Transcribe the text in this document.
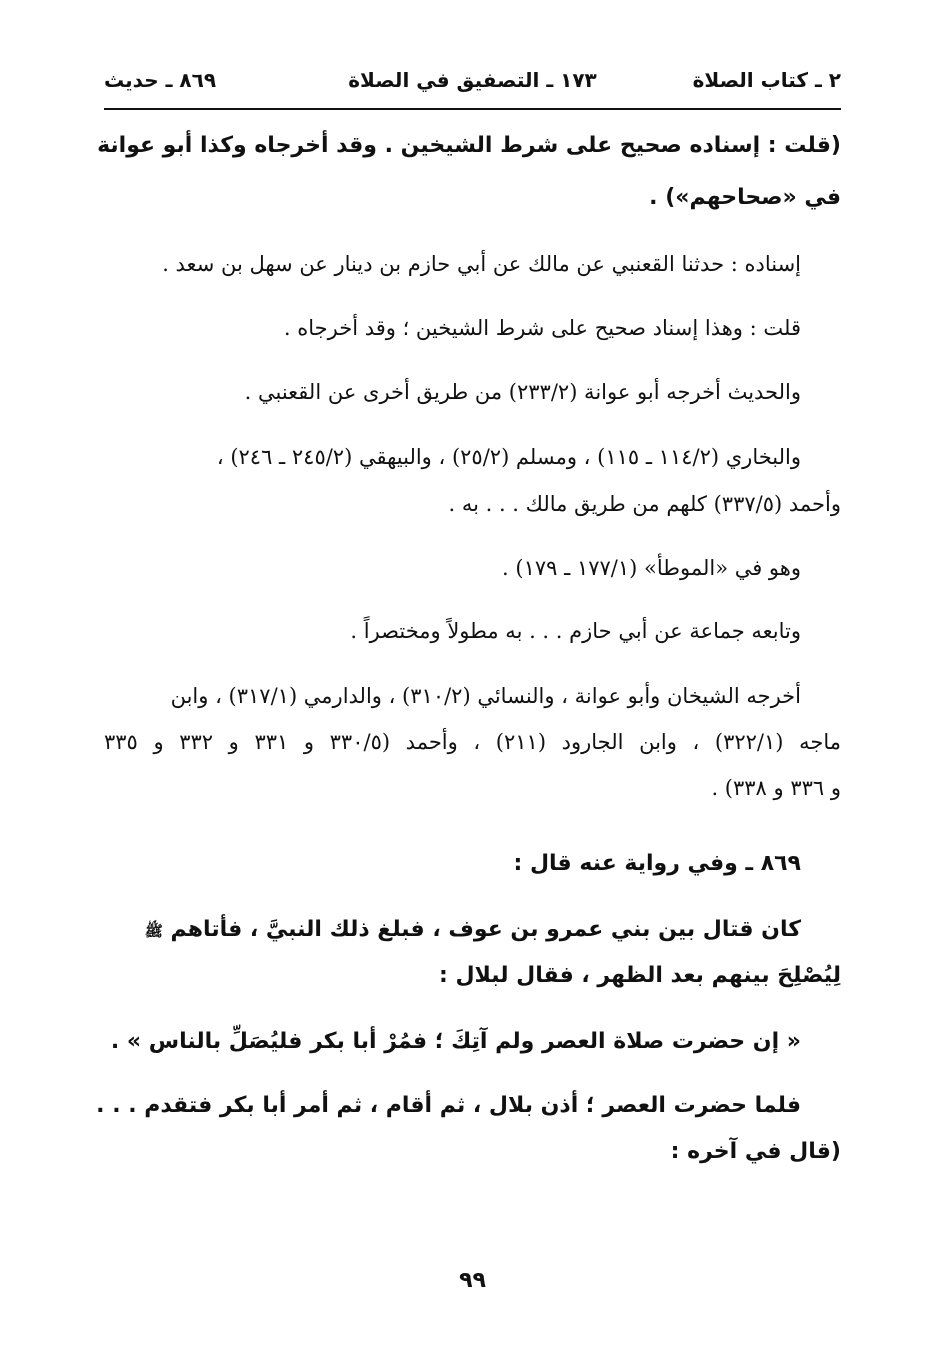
٢ ـ كتاب الصلاة
١٧٣ ـ التصفيق في الصلاة
٨٦٩ ـ حديث
(قلت : إسناده صحيح على شرط الشيخين . وقد أخرجاه وكذا أبو عوانة
في «صحاحهم») .
إسناده : حدثنا القعنبي عن مالك عن أبي حازم بن دينار عن سهل بن سعد .
قلت : وهذا إسناد صحيح على شرط الشيخين ؛ وقد أخرجاه .
والحديث أخرجه أبو عوانة (٢٣٣/٢) من طريق أخرى عن القعنبي .
والبخاري (١١٤/٢ ـ ١١٥) ، ومسلم (٢٥/٢) ، والبيهقي (٢٤٥/٢ ـ ٢٤٦) ،
وأحمد (٣٣٧/٥) كلهم من طريق مالك . . . به .
وهو في «الموطأ» (١٧٧/١ ـ ١٧٩) .
وتابعه جماعة عن أبي حازم . . . به مطولاً ومختصراً .
أخرجه الشيخان وأبو عوانة ، والنسائي (٣١٠/٢) ، والدارمي (٣١٧/١) ، وابن
ماجه (٣٢٢/١) ، وابن الجارود (٢١١) ، وأحمد (٣٣٠/٥ و ٣٣١ و ٣٣٢ و ٣٣٥
و ٣٣٦ و ٣٣٨) .
٨٦٩ ـ وفي رواية عنه قال :
كان قتال بين بني عمرو بن عوف ، فبلغ ذلك النبيَّ ، فأتاهم ﷺ
لِيُصْلِحَ بينهم بعد الظهر ، فقال لبلال :
« إن حضرت صلاة العصر ولم آتِكَ ؛ فمُرْ أبا بكر فليُصَلِّ بالناس » .
فلما حضرت العصر ؛ أذن بلال ، ثم أقام ، ثم أمر أبا بكر فتقدم . . .
(قال في آخره :
٩٩
